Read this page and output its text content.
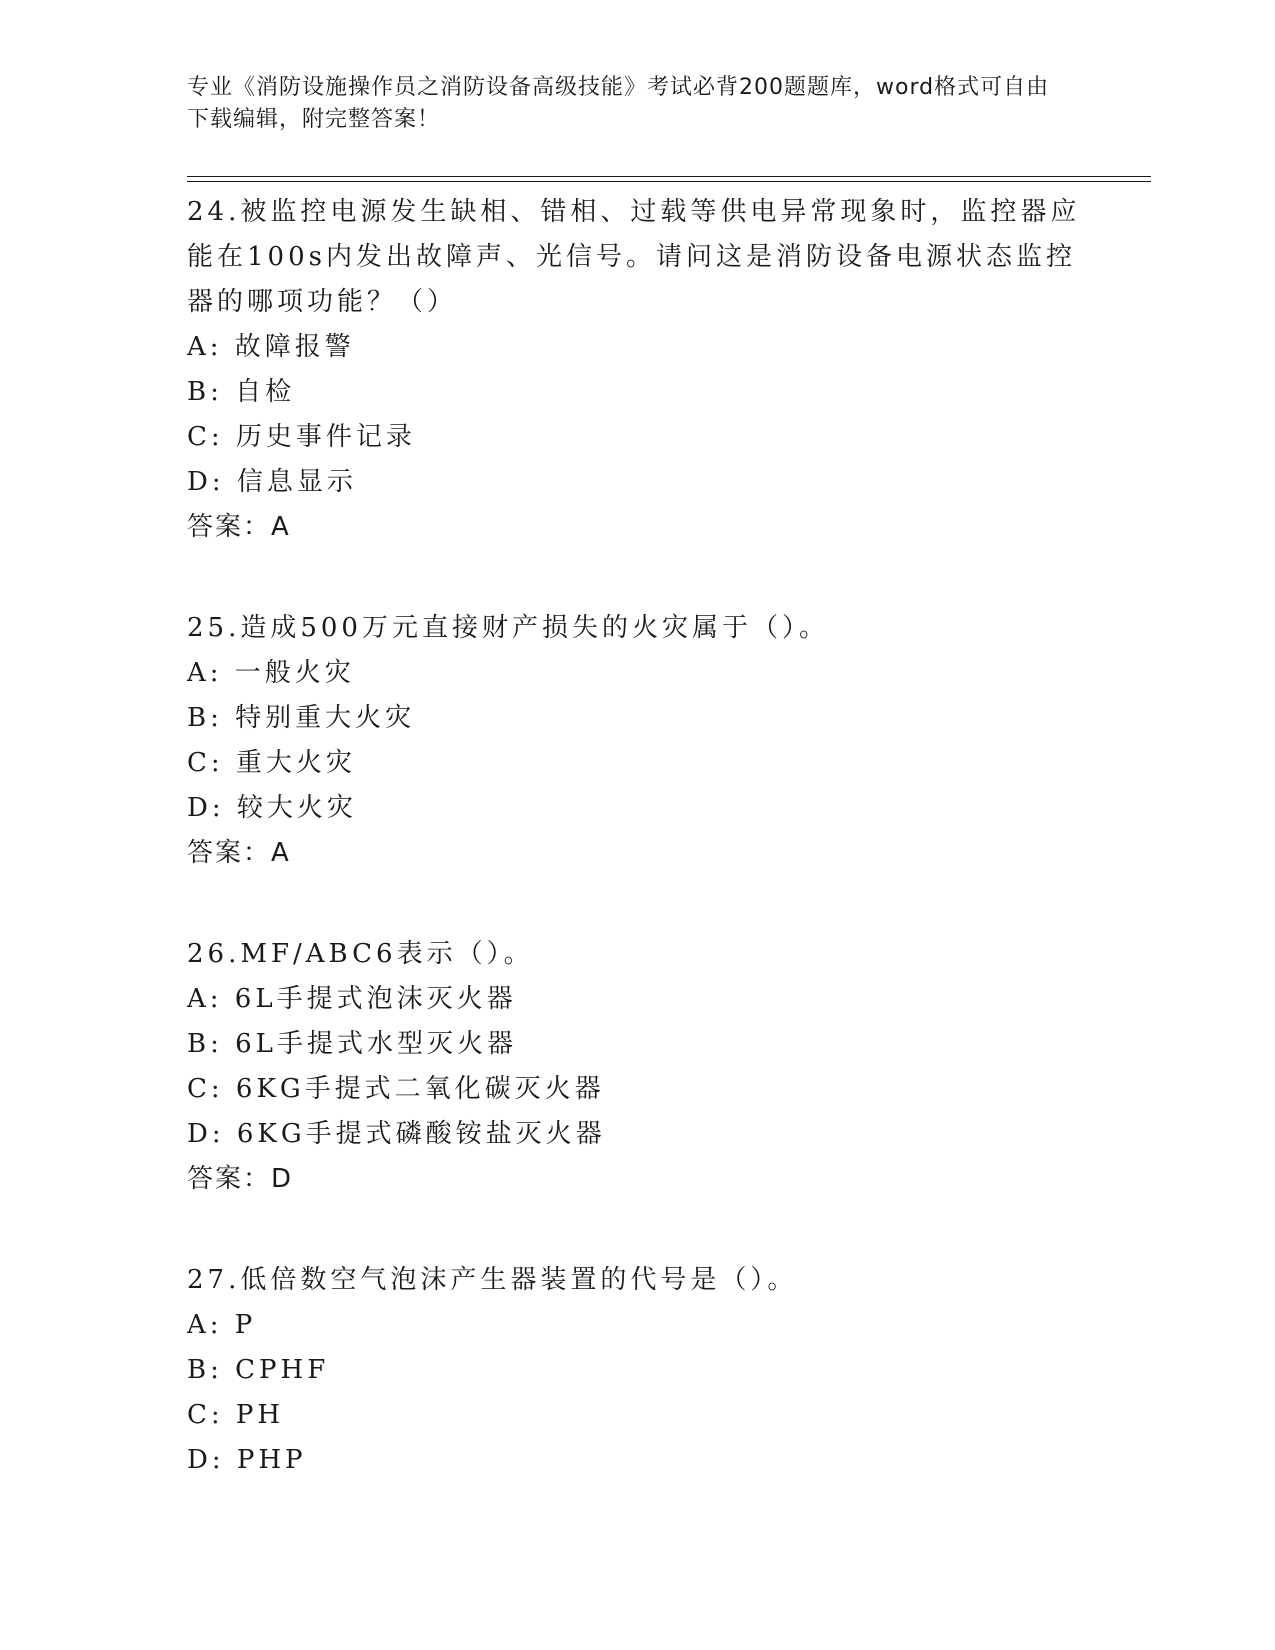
专业《消防设施操作员之消防设备高级技能》考试必背200题题库，word格式可自由下载编辑，附完整答案！
24.被监控电源发生缺相、错相、过载等供电异常现象时，监控器应能在100s内发出故障声、光信号。请问这是消防设备电源状态监控器的哪项功能？（）
A: 故障报警
B: 自检
C: 历史事件记录
D: 信息显示
答案：A
25.造成500万元直接财产损失的火灾属于（）。
A: 一般火灾
B: 特别重大火灾
C: 重大火灾
D: 较大火灾
答案：A
26.MF/ABC6表示（）。
A: 6L手提式泡沫灭火器
B: 6L手提式水型灭火器
C: 6KG手提式二氧化碳灭火器
D: 6KG手提式磷酸铵盐灭火器
答案：D
27.低倍数空气泡沫产生器装置的代号是（）。
A: P
B: CPHF
C: PH
D: PHP
